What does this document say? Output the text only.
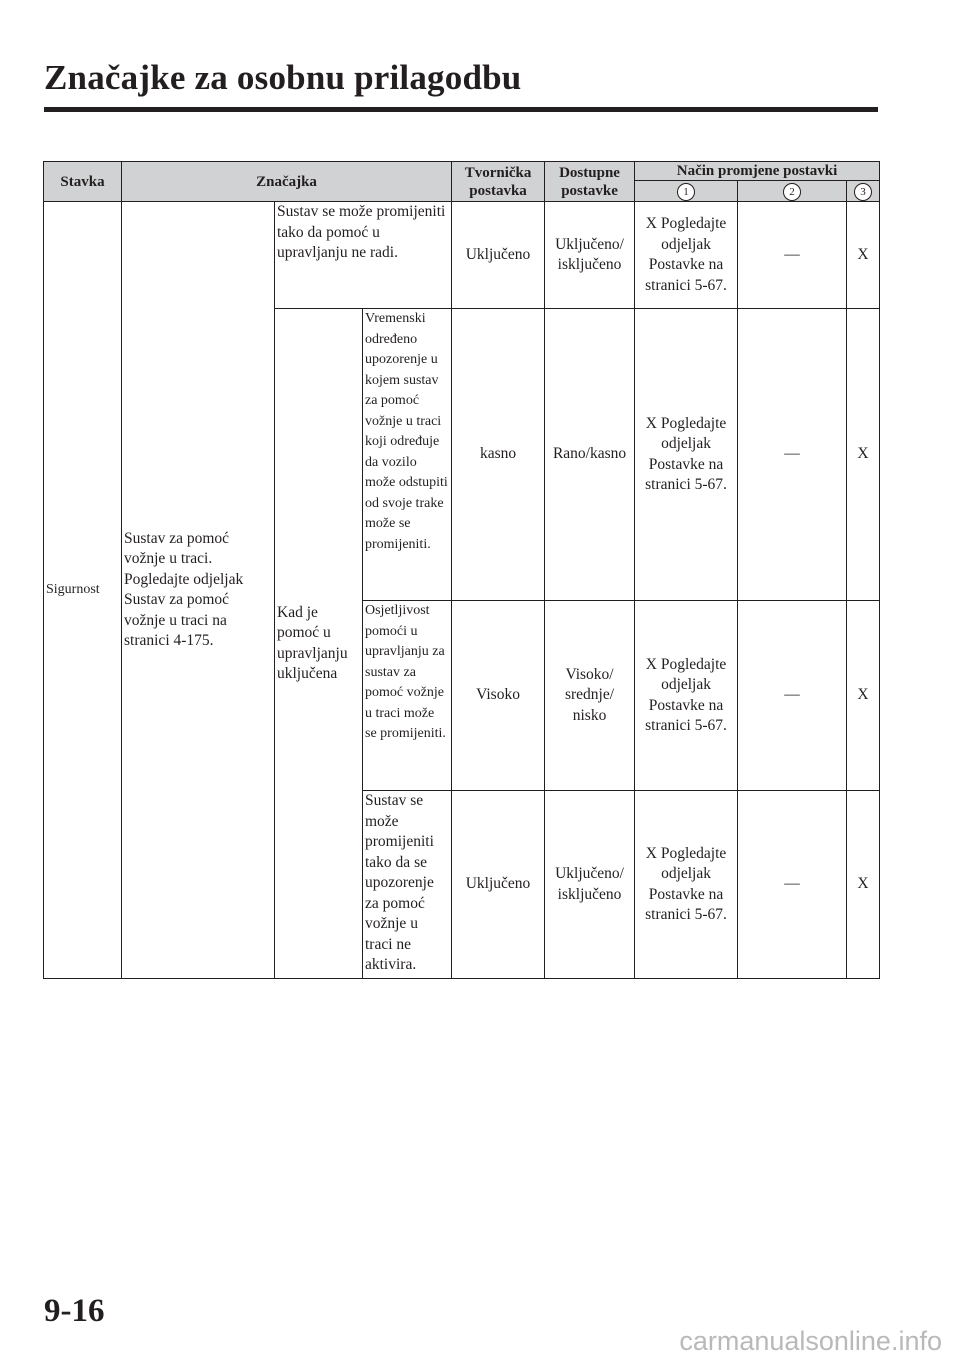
Značajke za osobnu prilagodbu
Stavka	Značajka			Tvornička postavka	Dostupne postavke	Način promjene postavki		
						1	2	3
Sigurnost	Sustav za pomoć vožnje u traci. Pogledajte odjeljak Sustav za pomoć vožnje u traci na stranici 4-175.	Sustav se može promijeniti tako da pomoć u upravljanju ne radi.		Uključeno	Uključeno/ isključeno	X Pogledajte odjeljak Postavke na stranici 5-67.	—	X
		Kad je pomoć u upravljanju uključena	Vremenski određeno upozorenje u kojem sustav za pomoć vožnje u traci koji određuje da vozilo može odstupiti od svoje trake može se promijeniti.	kasno	Rano/kasno	X Pogledajte odjeljak Postavke na stranici 5-67.	—	X
			Osjetljivost pomoći u upravljanju za sustav za pomoć vožnje u traci može se promijeniti.	Visoko	Visoko/ srednje/ nisko	X Pogledajte odjeljak Postavke na stranici 5-67.	—	X
			Sustav se može promijeniti tako da se upozorenje za pomoć vožnje u traci ne aktivira.	Uključeno	Uključeno/ isključeno	X Pogledajte odjeljak Postavke na stranici 5-67.	—	X
9-16
carmanualsonline.info
